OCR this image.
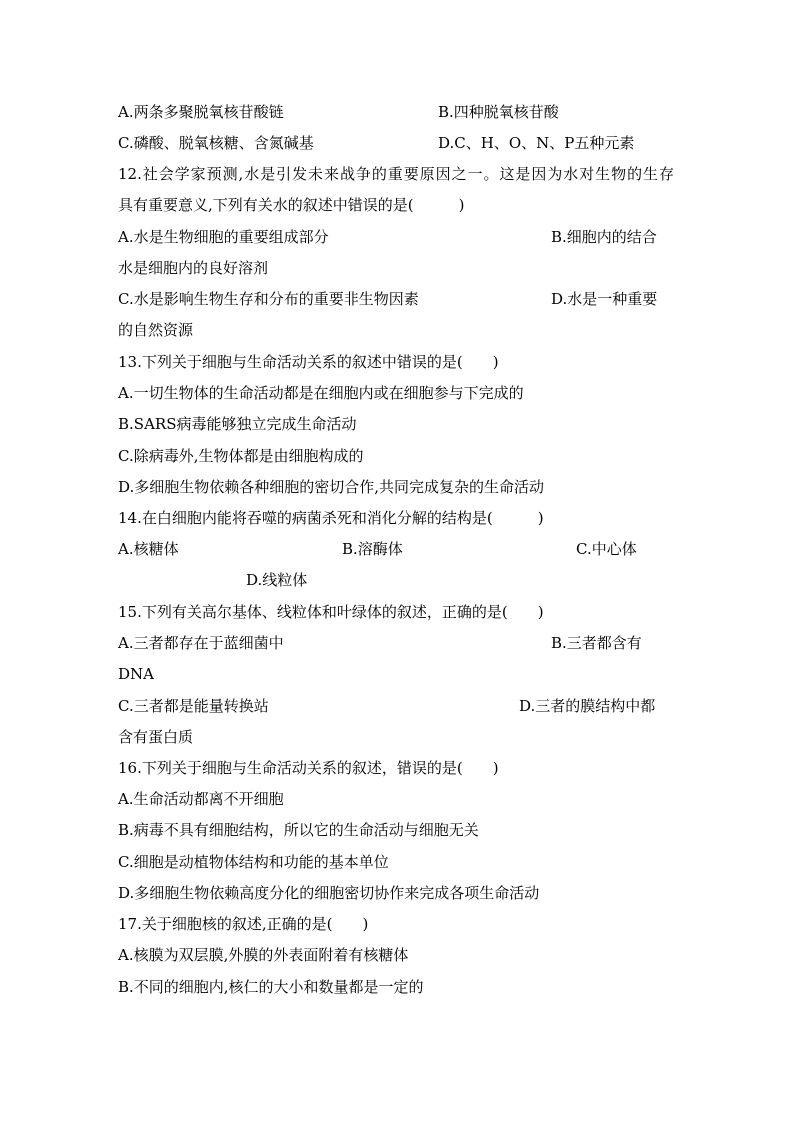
A.两条多聚脱氧核苷酸链	B.四种脱氧核苷酸
C.磷酸、脱氧核糖、含氮碱基	D.C、H、O、N、P五种元素
12.社会学家预测,水是引发未来战争的重要原因之一。这是因为水对生物的生存
具有重要意义,下列有关水的叙述中错误的是(　　　)
A.水是生物细胞的重要组成部分	B.细胞内的结合
水是细胞内的良好溶剂
C.水是影响生物生存和分布的重要非生物因素	D.水是一种重要
的自然资源
13.下列关于细胞与生命活动关系的叙述中错误的是(　　)
A.一切生物体的生命活动都是在细胞内或在细胞参与下完成的
B.SARS病毒能够独立完成生命活动
C.除病毒外,生物体都是由细胞构成的
D.多细胞生物依赖各种细胞的密切合作,共同完成复杂的生命活动
14.在白细胞内能将吞噬的病菌杀死和消化分解的结构是(　　　)
A.核糖体	B.溶酶体	C.中心体
D.线粒体
15.下列有关高尔基体、线粒体和叶绿体的叙述，正确的是(　　)
A.三者都存在于蓝细菌中	B.三者都含有
DNA
C.三者都是能量转换站	D.三者的膜结构中都
含有蛋白质
16.下列关于细胞与生命活动关系的叙述，错误的是(　　)
A.生命活动都离不开细胞
B.病毒不具有细胞结构，所以它的生命活动与细胞无关
C.细胞是动植物体结构和功能的基本单位
D.多细胞生物依赖高度分化的细胞密切协作来完成各项生命活动
17.关于细胞核的叙述,正确的是(　　)
A.核膜为双层膜,外膜的外表面附着有核糖体
B.不同的细胞内,核仁的大小和数量都是一定的
